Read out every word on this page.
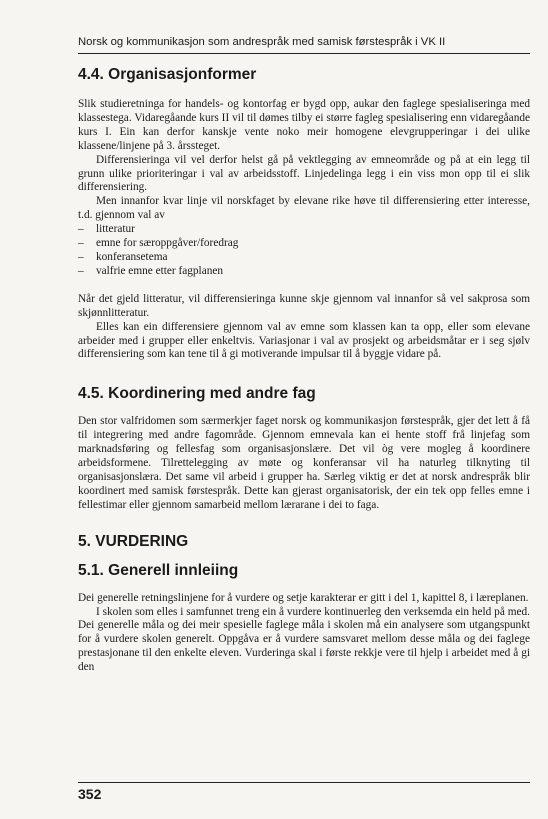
Norsk og kommunikasjon som andrespråk med samisk førstespråk i VK II
4.4. Organisasjonformer

Slik studieretninga for handels- og kontorfag er bygd opp, aukar den faglege spesialiseringa med klassestega. Vidaregåande kurs II vil til dømes tilby ei større fagleg spesialisering enn vidaregåande kurs I. Ein kan derfor kanskje vente noko meir homogene elevgrupperingar i dei ulike klassene/linjene på 3. årssteget.

Differensieringa vil vel derfor helst gå på vektlegging av emneområde og på at ein legg til grunn ulike prioriteringar i val av arbeidsstoff. Linjedelinga legg i ein viss mon opp til ei slik differensiering.

Men innanfor kvar linje vil norskfaget by elevane rike høve til differensiering etter interesse, t.d. gjennom val av

– litteratur
– emne for særoppgåver/foredrag
– konferansetema
– valfrie emne etter fagplanen

Når det gjeld litteratur, vil differensieringa kunne skje gjennom val innanfor så vel sakprosa som skjønnlitteratur.

Elles kan ein differensiere gjennom val av emne som klassen kan ta opp, eller som elevane arbeider med i grupper eller enkeltvis. Variasjonar i val av prosjekt og arbeidsmåtar er i seg sjølv differensiering som kan tene til å gi motiverande impulsar til å byggje vidare på.

4.5. Koordinering med andre fag

Den stor valfridomen som særmerkjer faget norsk og kommunikasjon førstespråk, gjer det lett å få til integrering med andre fagområde. Gjennom emnevala kan ei hente stoff frå linjefag som marknadsføring og fellesfag som organisasjonslære. Det vil òg vere mogleg å koordinere arbeidsformene. Tilrettelegging av møte og konferansar vil ha naturleg tilknyting til organisasjonslæra. Det same vil arbeid i grupper ha. Særleg viktig er det at norsk andrespråk blir koordinert med samisk førstespråk. Dette kan gjerast organisatorisk, der ein tek opp felles emne i fellestimar eller gjennom samarbeid mellom lærarane i dei to faga.

5. VURDERING
5.1. Generell innleiing

Dei generelle retningslinjene for å vurdere og setje karakterar er gitt i del 1, kapittel 8, i læreplanen.

I skolen som elles i samfunnet treng ein å vurdere kontinuerleg den verksemda ein held på med. Dei generelle måla og dei meir spesielle faglege måla i skolen må ein analysere som utgangspunkt for å vurdere skolen generelt. Oppgåva er å vurdere samsvaret mellom desse måla og dei faglege prestasjonane til den enkelte eleven. Vurderinga skal i første rekkje vere til hjelp i arbeidet med å gi den

352
